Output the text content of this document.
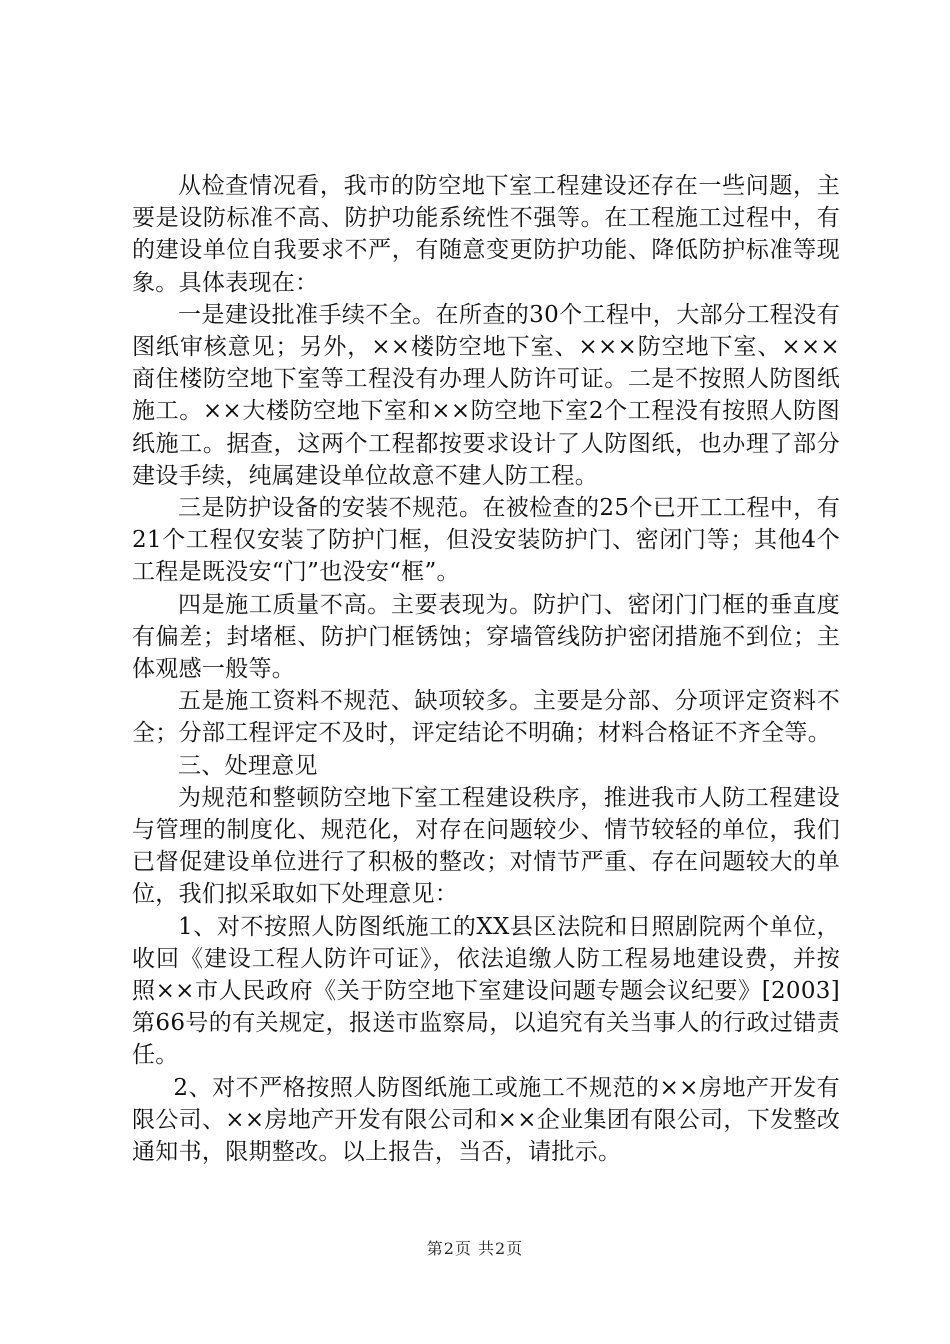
从检查情况看，我市的防空地下室工程建设还存在一些问题，主要是设防标准不高、防护功能系统性不强等。在工程施工过程中，有的建设单位自我要求不严，有随意变更防护功能、降低防护标准等现象。具体表现在：

一是建设批准手续不全。在所查的30个工程中，大部分工程没有图纸审核意见；另外，××楼防空地下室、×××防空地下室、×××商住楼防空地下室等工程没有办理人防许可证。二是不按照人防图纸施工。××大楼防空地下室和××防空地下室2个工程没有按照人防图纸施工。据查，这两个工程都按要求设计了人防图纸，也办理了部分建设手续，纯属建设单位故意不建人防工程。

三是防护设备的安装不规范。在被检查的25个已开工工程中，有21个工程仅安装了防护门框，但没安装防护门、密闭门等；其他4个工程是既没安“门”也没安“框”。

四是施工质量不高。主要表现为。防护门、密闭门门框的垂直度有偏差；封堵框、防护门框锈蚀；穿墙管线防护密闭措施不到位；主体观感一般等。

五是施工资料不规范、缺项较多。主要是分部、分项评定资料不全；分部工程评定不及时，评定结论不明确；材料合格证不齐全等。

三、处理意见

为规范和整顿防空地下室工程建设秩序，推进我市人防工程建设与管理的制度化、规范化，对存在问题较少、情节较轻的单位，我们已督促建设单位进行了积极的整改；对情节严重、存在问题较大的单位，我们拟采取如下处理意见：

1、对不按照人防图纸施工的XX县区法院和日照剧院两个单位，收回《建设工程人防许可证》，依法追缴人防工程易地建设费，并按照××市人民政府《关于防空地下室建设问题专题会议纪要》[2003]第66号的有关规定，报送市监察局，以追究有关当事人的行政过错责任。

2、对不严格按照人防图纸施工或施工不规范的××房地产开发有限公司、××房地产开发有限公司和××企业集团有限公司，下发整改通知书，限期整改。以上报告，当否，请批示。

第2页 共2页
